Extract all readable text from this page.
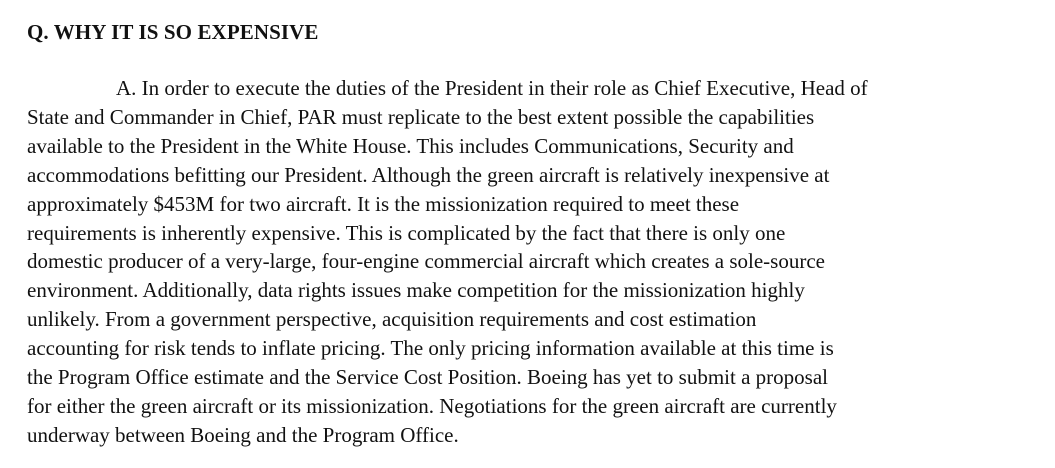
Q. WHY IT IS SO EXPENSIVE
A. In order to execute the duties of the President in their role as Chief Executive, Head of
State and Commander in Chief, PAR must replicate to the best extent possible the capabilities
available to the President in the White House. This includes Communications, Security and
accommodations befitting our President. Although the green aircraft is relatively inexpensive at
approximately $453M for two aircraft. It is the missionization required to meet these
requirements is inherently expensive. This is complicated by the fact that there is only one
domestic producer of a very-large, four-engine commercial aircraft which creates a sole-source
environment. Additionally, data rights issues make competition for the missionization highly
unlikely. From a government perspective, acquisition requirements and cost estimation
accounting for risk tends to inflate pricing. The only pricing information available at this time is
the Program Office estimate and the Service Cost Position. Boeing has yet to submit a proposal
for either the green aircraft or its missionization. Negotiations for the green aircraft are currently
underway between Boeing and the Program Office.
